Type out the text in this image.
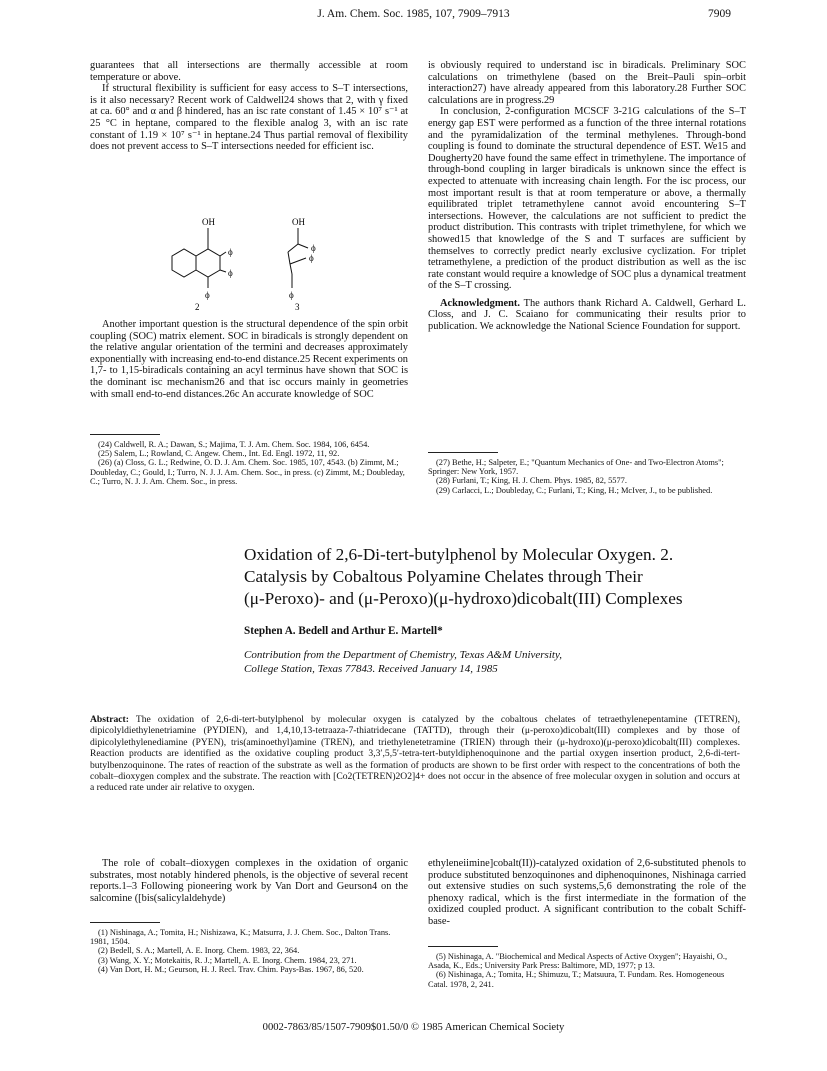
J. Am. Chem. Soc. 1985, 107, 7909–7913	7909

guarantees that all intersections are thermally accessible at room temperature or above.

If structural flexibility is sufficient for easy access to S–T intersections, is it also necessary? Recent work of Caldwell24 shows that 2, with γ fixed at ca. 60° and α and β hindered, has an isc rate constant of 1.45 × 10⁷ s⁻¹ at 25 °C in heptane, compared to the flexible analog 3, with an isc rate constant of 1.19 × 10⁷ s⁻¹ in heptane.24 Thus partial removal of flexibility does not prevent access to S–T intersections needed for efficient isc.

OH
ϕ
ϕ
ϕ
OH
ϕ
ϕ
ϕ
2	3

Another important question is the structural dependence of the spin orbit coupling (SOC) matrix element. SOC in biradicals is strongly dependent on the relative angular orientation of the termini and decreases approximately exponentially with increasing end-to-end distance.25 Recent experiments on 1,7- to 1,15-biradicals containing an acyl terminus have shown that SOC is the dominant isc mechanism26 and that isc occurs mainly in geometries with small end-to-end distances.26c An accurate knowledge of SOC

is obviously required to understand isc in biradicals. Preliminary SOC calculations on trimethylene (based on the Breit–Pauli spin–orbit interaction27) have already appeared from this laboratory.28 Further SOC calculations are in progress.29

In conclusion, 2-configuration MCSCF 3-21G calculations of the S–T energy gap EST were performed as a function of the three internal rotations and the pyramidalization of the terminal methylenes. Through-bond coupling is found to dominate the structural dependence of EST. We15 and Dougherty20 have found the same effect in trimethylene. The importance of through-bond coupling in larger biradicals is unknown since the effect is expected to attenuate with increasing chain length. For the isc process, our most important result is that at room temperature or above, a thermally equilibrated triplet tetramethylene cannot avoid encountering S–T intersections. However, the calculations are not sufficient to predict the product distribution. This contrasts with triplet trimethylene, for which we showed15 that knowledge of the S and T surfaces are sufficient by themselves to correctly predict nearly exclusive cyclization. For triplet tetramethylene, a prediction of the product distribution as well as the isc rate constant would require a knowledge of SOC plus a dynamical treatment of the S–T crossing.

Acknowledgment. The authors thank Richard A. Caldwell, Gerhard L. Closs, and J. C. Scaiano for communicating their results prior to publication. We acknowledge the National Science Foundation for support.

(24) Caldwell, R. A.; Dawan, S.; Majima, T. J. Am. Chem. Soc. 1984, 106, 6454.

(25) Salem, L.; Rowland, C. Angew. Chem., Int. Ed. Engl. 1972, 11, 92.

(26) (a) Closs, G. L.; Redwine, O. D. J. Am. Chem. Soc. 1985, 107, 4543. (b) Zimmt, M.; Doubleday, C.; Gould, I.; Turro, N. J. J. Am. Chem. Soc., in press. (c) Zimmt, M.; Doubleday, C.; Turro, N. J. J. Am. Chem. Soc., in press.

(27) Bethe, H.; Salpeter, E.; "Quantum Mechanics of One- and Two-Electron Atoms"; Springer: New York, 1957.

(28) Furlani, T.; King, H. J. Chem. Phys. 1985, 82, 5577.

(29) Carlacci, L.; Doubleday, C.; Furlani, T.; King, H.; McIver, J., to be published.

Oxidation of 2,6-Di-tert-butylphenol by Molecular Oxygen. 2.
Catalysis by Cobaltous Polyamine Chelates through Their
(μ-Peroxo)- and (μ-Peroxo)(μ-hydroxo)dicobalt(III) Complexes
Stephen A. Bedell and Arthur E. Martell*
Contribution from the Department of Chemistry, Texas A&M University,
College Station, Texas 77843. Received January 14, 1985
Abstract: The oxidation of 2,6-di-tert-butylphenol by molecular oxygen is catalyzed by the cobaltous chelates of tetraethylenepentamine (TETREN), dipicolyldiethylenetriamine (PYDIEN), and 1,4,10,13-tetraaza-7-thiatridecane (TATTD), through their (μ-peroxo)dicobalt(III) complexes and by those of dipicolylethylenediamine (PYEN), tris(aminoethyl)amine (TREN), and triethylenetetramine (TRIEN) through their (μ-hydroxo)(μ-peroxo)dicobalt(III) complexes. Reaction products are identified as the oxidative coupling product 3,3′,5,5′-tetra-tert-butyldiphenoquinone and the partial oxygen insertion product, 2,6-di-tert-butylbenzoquinone. The rates of reaction of the substrate as well as the formation of products are shown to be first order with respect to the concentrations of both the cobalt–dioxygen complex and the substrate. The reaction with [Co2(TETREN)2O2]4+ does not occur in the absence of free molecular oxygen in solution and occurs at a reduced rate under air relative to oxygen.

The role of cobalt–dioxygen complexes in the oxidation of organic substrates, most notably hindered phenols, is the objective of several recent reports.1–3 Following pioneering work by Van Dort and Geurson4 on the salcomine ([bis(salicylaldehyde)

ethyleneiimine]cobalt(II))-catalyzed oxidation of 2,6-substituted phenols to produce substituted benzoquinones and diphenoquinones, Nishinaga carried out extensive studies on such systems,5,6 demonstrating the role of the phenoxy radical, which is the first intermediate in the formation of the oxidized coupled product. A significant contribution to the cobalt Schiff-base-

(1) Nishinaga, A.; Tomita, H.; Nishizawa, K.; Matsurra, J. J. Chem. Soc., Dalton Trans. 1981, 1504.

(2) Bedell, S. A.; Martell, A. E. Inorg. Chem. 1983, 22, 364.

(3) Wang, X. Y.; Motekaitis, R. J.; Martell, A. E. Inorg. Chem. 1984, 23, 271.

(4) Van Dort, H. M.; Geurson, H. J. Recl. Trav. Chim. Pays-Bas. 1967, 86, 520.

(5) Nishinaga, A. "Biochemical and Medical Aspects of Active Oxygen"; Hayaishi, O., Asada, K., Eds.; University Park Press: Baltimore, MD, 1977; p 13.

(6) Nishinaga, A.; Tomita, H.; Shimuzu, T.; Matsuura, T. Fundam. Res. Homogeneous Catal. 1978, 2, 241.

0002-7863/85/1507-7909$01.50/0 © 1985 American Chemical Society
